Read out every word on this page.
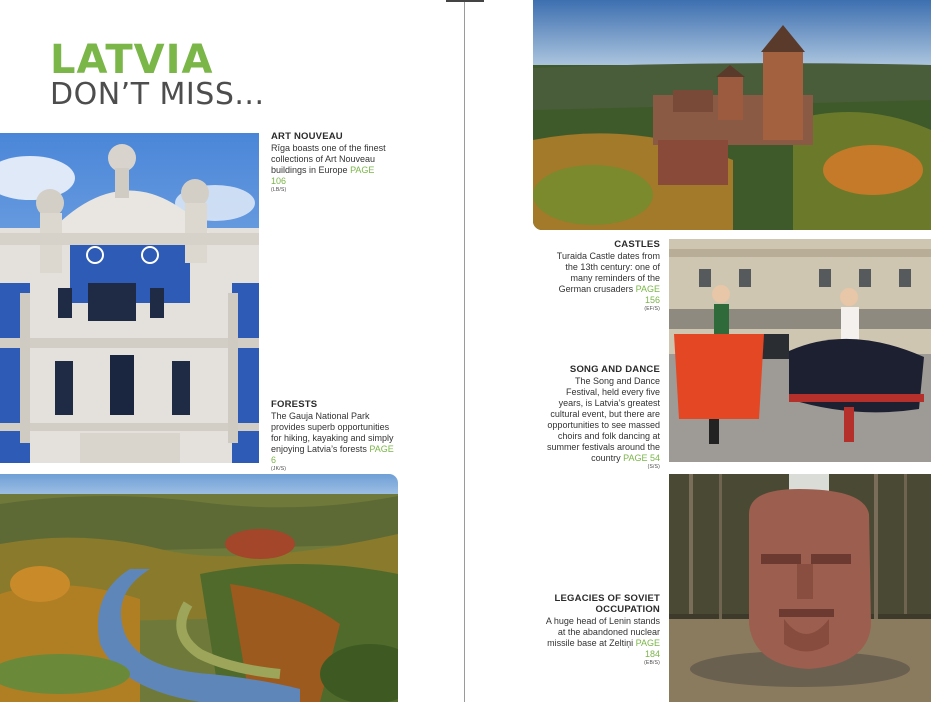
LATVIA
DON’T MISS...
ART NOUVEAU
Rīga boasts one of the finest collections of Art Nouveau buildings in Europe PAGE 106
(LB/S)
FORESTS
The Gauja National Park provides superb opportunities for hiking, kayaking and simply enjoying Latvia’s forests PAGE 6
(JK/S)
CASTLES
Turaida Castle dates from the 13th century: one of many reminders of the German crusaders PAGE 156
(EF/S)
SONG AND DANCE
The Song and Dance Festival, held every five years, is Latvia’s greatest cultural event, but there are opportunities to see massed choirs and folk dancing at summer festivals around the country PAGE 54
(S/S)
LEGACIES OF SOVIET OCCUPATION
A huge head of Lenin stands at the abandoned nuclear missile base at Zeltiņi PAGE 184
(EB/S)
